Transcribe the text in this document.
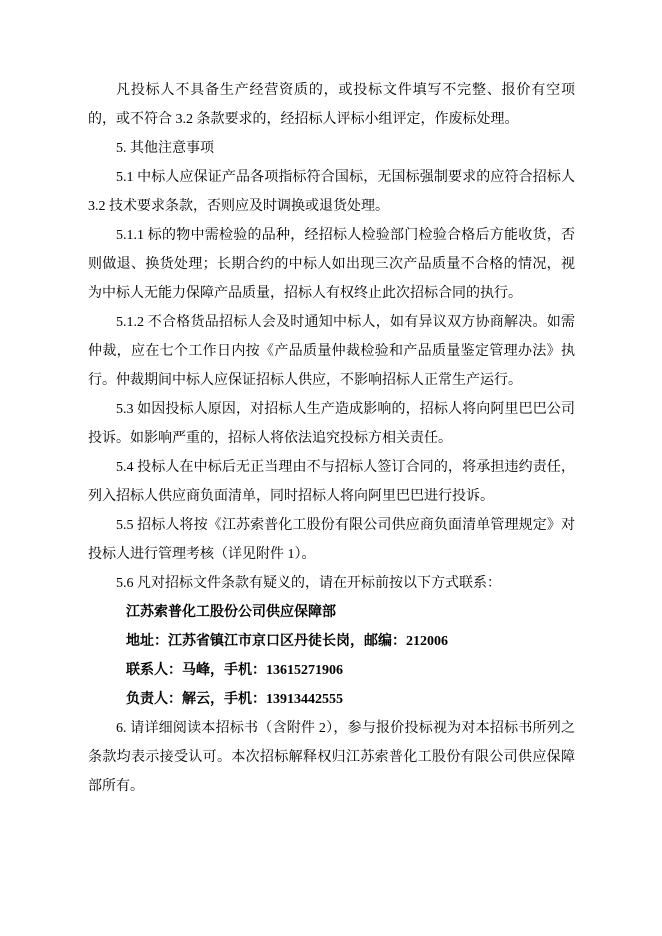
凡投标人不具备生产经营资质的，或投标文件填写不完整、报价有空项的，或不符合 3.2 条款要求的，经招标人评标小组评定，作废标处理。

5. 其他注意事项

5.1 中标人应保证产品各项指标符合国标，无国标强制要求的应符合招标人 3.2 技术要求条款，否则应及时调换或退货处理。

5.1.1 标的物中需检验的品种，经招标人检验部门检验合格后方能收货，否则做退、换货处理；长期合约的中标人如出现三次产品质量不合格的情况，视为中标人无能力保障产品质量，招标人有权终止此次招标合同的执行。

5.1.2 不合格货品招标人会及时通知中标人，如有异议双方协商解决。如需仲裁，应在七个工作日内按《产品质量仲裁检验和产品质量鉴定管理办法》执行。仲裁期间中标人应保证招标人供应，不影响招标人正常生产运行。

5.3 如因投标人原因，对招标人生产造成影响的，招标人将向阿里巴巴公司投诉。如影响严重的，招标人将依法追究投标方相关责任。

5.4 投标人在中标后无正当理由不与招标人签订合同的，将承担违约责任，列入招标人供应商负面清单，同时招标人将向阿里巴巴进行投诉。

5.5 招标人将按《江苏索普化工股份有限公司供应商负面清单管理规定》对投标人进行管理考核（详见附件 1）。

5.6 凡对招标文件条款有疑义的，请在开标前按以下方式联系：

江苏索普化工股份公司供应保障部

地址：江苏省镇江市京口区丹徒长岗，邮编：212006

联系人：马峰，手机：13615271906

负责人：解云，手机：13913442555

6. 请详细阅读本招标书（含附件 2），参与报价投标视为对本招标书所列之条款均表示接受认可。本次招标解释权归江苏索普化工股份有限公司供应保障部所有。
